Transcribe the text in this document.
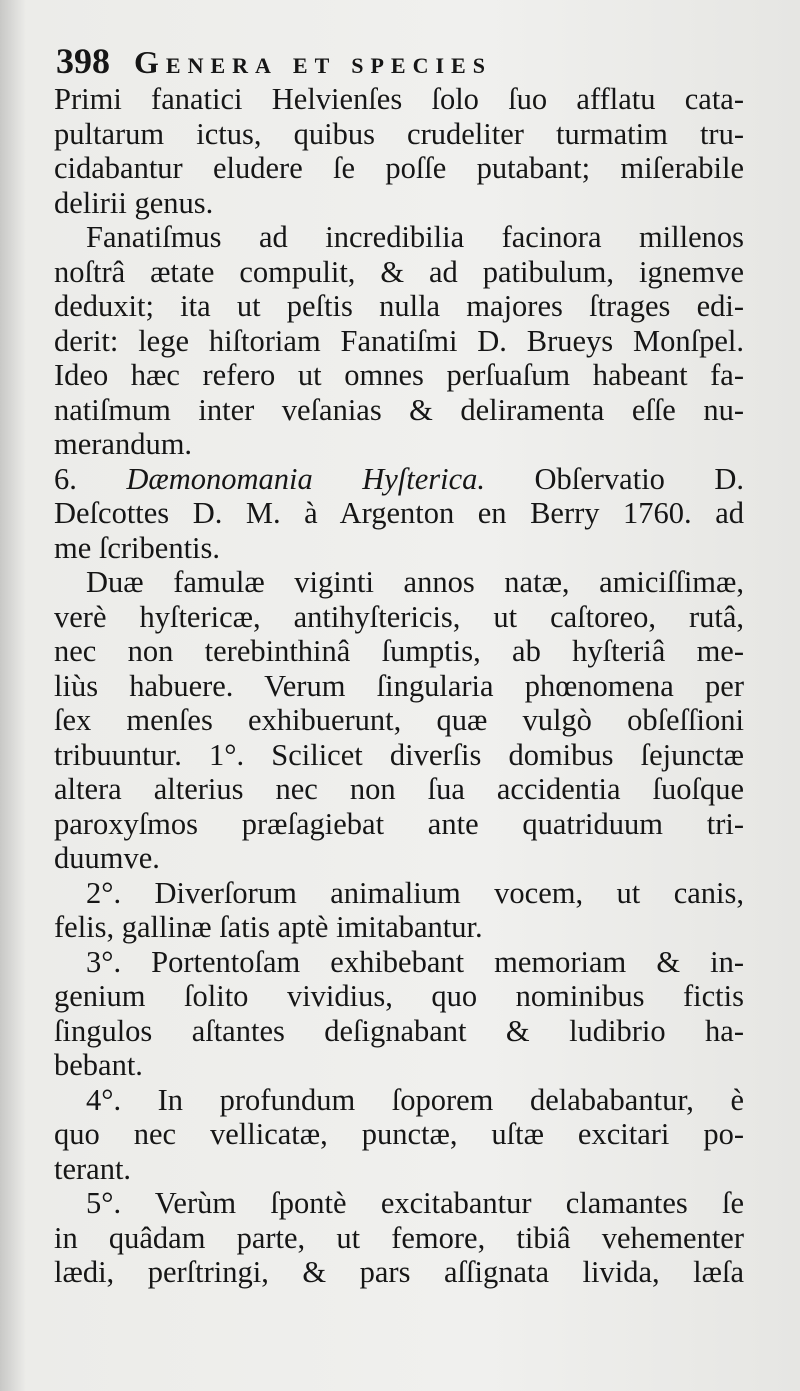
398 Genera et species
Primi fanatici Helvienſes ſolo ſuo afflatu cata-
pultarum ictus, quibus crudeliter turmatim tru-
cidabantur eludere ſe poſſe putabant; miſerabile
delirii genus.
Fanatiſmus ad incredibilia facinora millenos
noſtrâ ætate compulit, & ad patibulum, ignemve
deduxit; ita ut peſtis nulla majores ſtrages edi-
derit: lege hiſtoriam Fanatiſmi D. Brueys Monſpel.
Ideo hæc refero ut omnes perſuaſum habeant fa-
natiſmum inter veſanias & deliramenta eſſe nu-
merandum.
6. Dæmonomania Hyſterica. Obſervatio D.
Deſcottes D. M. à Argenton en Berry 1760. ad
me ſcribentis.
Duæ famulæ viginti annos natæ, amiciſſimæ,
verè hyſtericæ, antihyſtericis, ut caſtoreo, rutâ,
nec non terebinthinâ ſumptis, ab hyſteriâ me-
liùs habuere. Verum ſingularia phœnomena per
ſex menſes exhibuerunt, quæ vulgò obſeſſioni
tribuuntur. 1°. Scilicet diverſis domibus ſejunctæ
altera alterius nec non ſua accidentia ſuoſque
paroxyſmos præſagiebat ante quatriduum tri-
duumve.
2°. Diverſorum animalium vocem, ut canis,
felis, gallinæ ſatis aptè imitabantur.
3°. Portentoſam exhibebant memoriam & in-
genium ſolito vividius, quo nominibus fictis
ſingulos aſtantes deſignabant & ludibrio ha-
bebant.
4°. In profundum ſoporem delababantur, è
quo nec vellicatæ, punctæ, uſtæ excitari po-
terant.
5°. Verùm ſpontè excitabantur clamantes ſe
in quâdam parte, ut femore, tibiâ vehementer
lædi, perſtringi, & pars aſſignata livida, læſa
